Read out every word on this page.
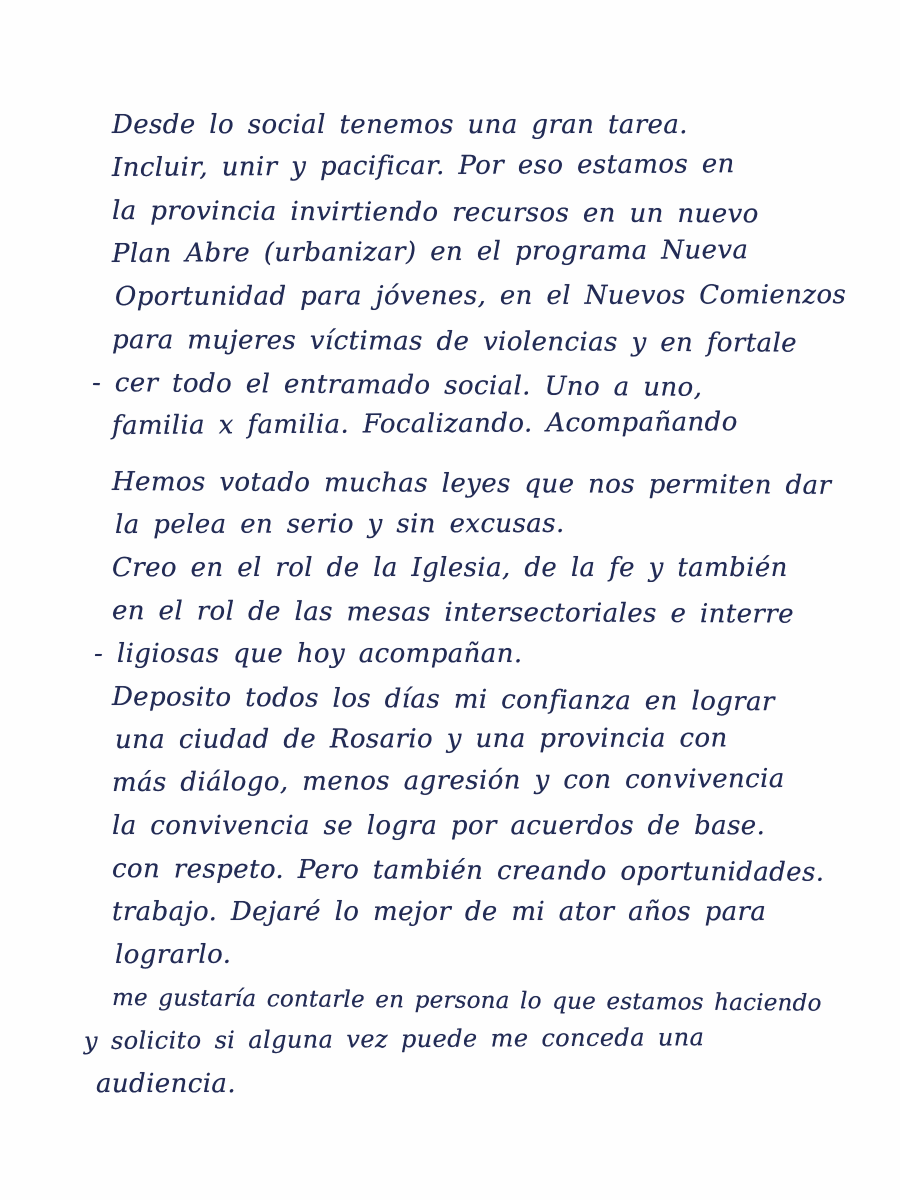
Desde lo social tenemos una gran tarea.

Incluir, unir y pacificar. Por eso estamos en

la provincia invirtiendo recursos en un nuevo

Plan Abre (urbanizar) en el programa Nueva

Oportunidad para jóvenes, en el Nuevos Comienzos

para mujeres víctimas de violencias y en fortale

- cer todo el entramado social. Uno a uno,

familia x familia. Focalizando. Acompañando

Hemos votado muchas leyes que nos permiten dar

la pelea en serio y sin excusas.

Creo en el rol de la Iglesia, de la fe y también

en el rol de las mesas intersectoriales e interre

- ligiosas que hoy acompañan.

Deposito todos los días mi confianza en lograr

una ciudad de Rosario y una provincia con

más diálogo, menos agresión y con convivencia

la convivencia se logra por acuerdos de base.

con respeto. Pero también creando oportunidades.

trabajo. Dejaré lo mejor de mi ator años para

lograrlo.

me gustaría contarle en persona lo que estamos haciendo

y solicito si alguna vez puede me conceda una

audiencia.
